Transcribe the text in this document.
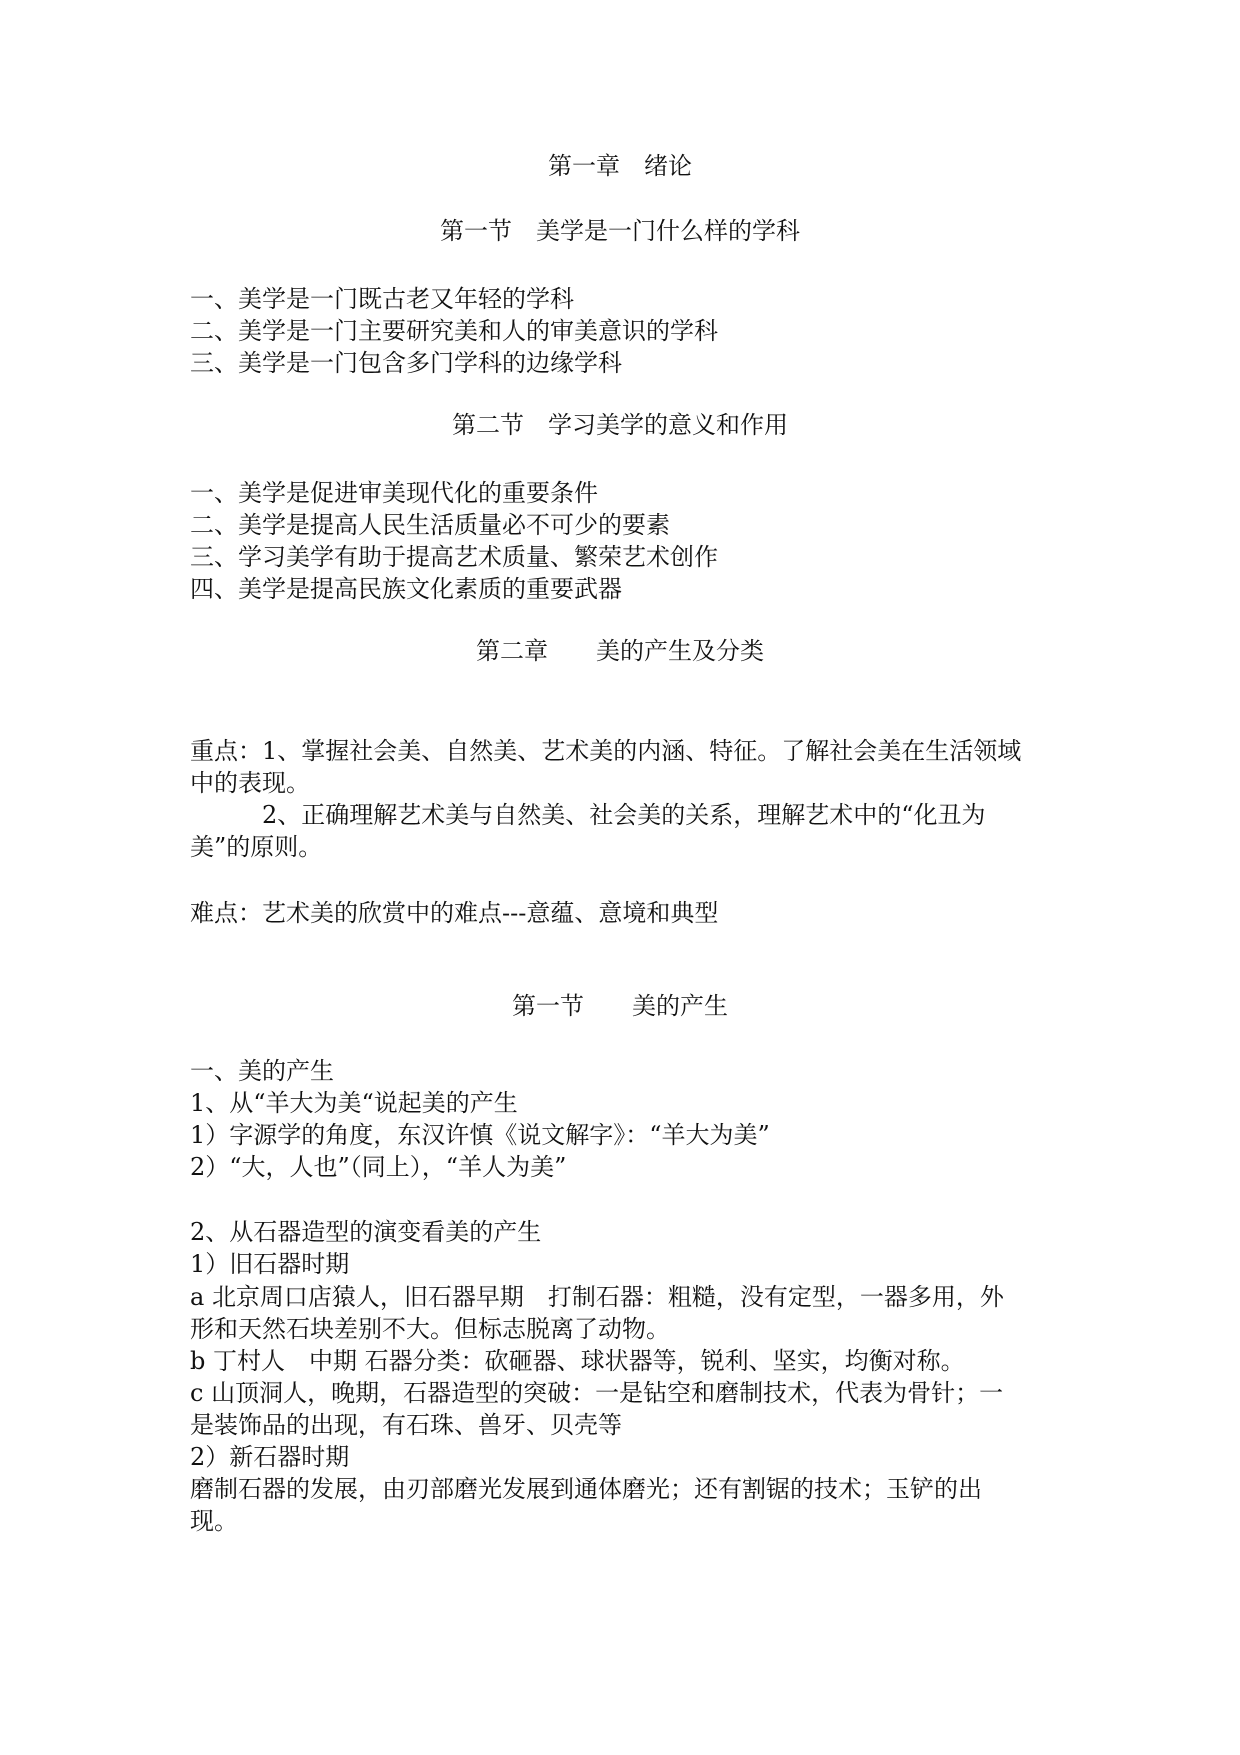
第一章　绪论
第一节　美学是一门什么样的学科
一、美学是一门既古老又年轻的学科
二、美学是一门主要研究美和人的审美意识的学科
三、美学是一门包含多门学科的边缘学科
第二节　学习美学的意义和作用
一、美学是促进审美现代化的重要条件
二、美学是提高人民生活质量必不可少的要素
三、学习美学有助于提高艺术质量、繁荣艺术创作
四、美学是提高民族文化素质的重要武器
第二章　　美的产生及分类
重点：1、掌握社会美、自然美、艺术美的内涵、特征。了解社会美在生活领域
中的表现。
　　　2、正确理解艺术美与自然美、社会美的关系，理解艺术中的“化丑为
美”的原则。
难点：艺术美的欣赏中的难点---意蕴、意境和典型
第一节　　美的产生
一、美的产生
1、从“羊大为美“说起美的产生
1）字源学的角度，东汉许慎《说文解字》：“羊大为美”
2）“大，人也”（同上），“羊人为美”
2、从石器造型的演变看美的产生
1）旧石器时期
a 北京周口店猿人，旧石器早期　打制石器：粗糙，没有定型，一器多用，外
形和天然石块差别不大。但标志脱离了动物。
b 丁村人　中期 石器分类：砍砸器、球状器等，锐利、坚实，均衡对称。
c 山顶洞人，晚期，石器造型的突破：一是钻空和磨制技术，代表为骨针；一
是装饰品的出现，有石珠、兽牙、贝壳等
2）新石器时期
磨制石器的发展，由刃部磨光发展到通体磨光；还有割锯的技术；玉铲的出
现。
